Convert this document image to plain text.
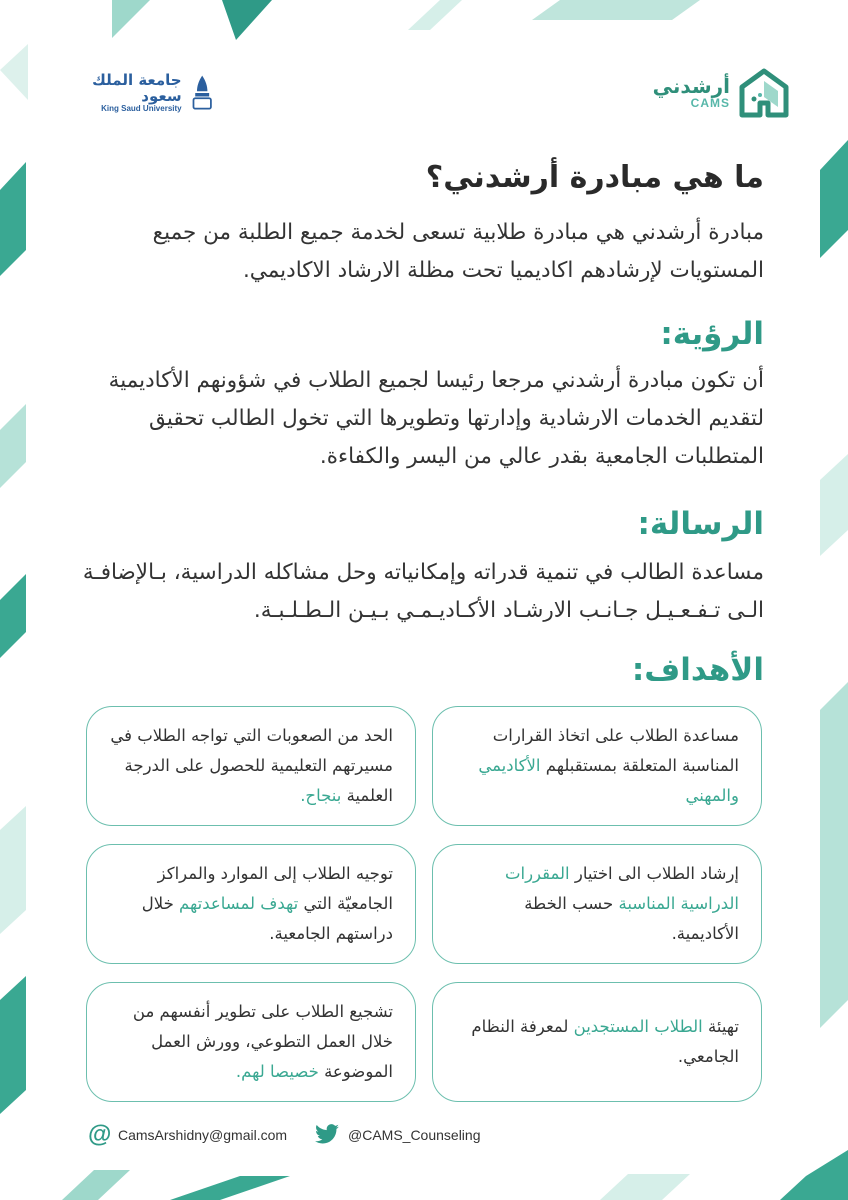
جامعة الملك سعود
King Saud University
أرشدني
CAMS
ما هي مبادرة أرشدني؟

مبادرة أرشدني هي مبادرة طلابية تسعى لخدمة جميع الطلبة من جميع المستويات لإرشادهم اكاديميا تحت مظلة الارشاد الاكاديمي.

الرؤية:

أن تكون مبادرة أرشدني مرجعا رئيسا لجميع الطلاب في شؤونهم الأكاديمية لتقديم الخدمات الارشادية وإدارتها وتطويرها التي تخول الطالب تحقيق المتطلبات الجامعية بقدر عالي من اليسر والكفاءة.

الرسالة:

مساعدة الطالب في تنمية قدراته وإمكانياته وحل مشاكله الدراسية، بـالإضافـة الـى تـفـعـيـل جـانـب الارشـاد الأكـاديـمـي بـيـن الـطـلـبـة.

الأهداف:

مساعدة الطلاب على اتخاذ القرارات المناسبة المتعلقة بمستقبلهم الأكاديمي والمهني

الحد من الصعوبات التي تواجه الطلاب في مسيرتهم التعليمية للحصول على الدرجة العلمية بنجاح.

إرشاد الطلاب الى اختيار المقررات الدراسية المناسبة حسب الخطة الأكاديمية.

توجيه الطلاب إلى الموارد والمراكز الجامعيّة التي تهدف لمساعدتهم خلال دراستهم الجامعية.

تهيئة الطلاب المستجدين لمعرفة النظام الجامعي.

تشجيع الطلاب على تطوير أنفسهم من خلال العمل التطوعي، وورش العمل الموضوعة خصيصا لهم.

@ CamsArshidny@gmail.com	@CAMS_Counseling
